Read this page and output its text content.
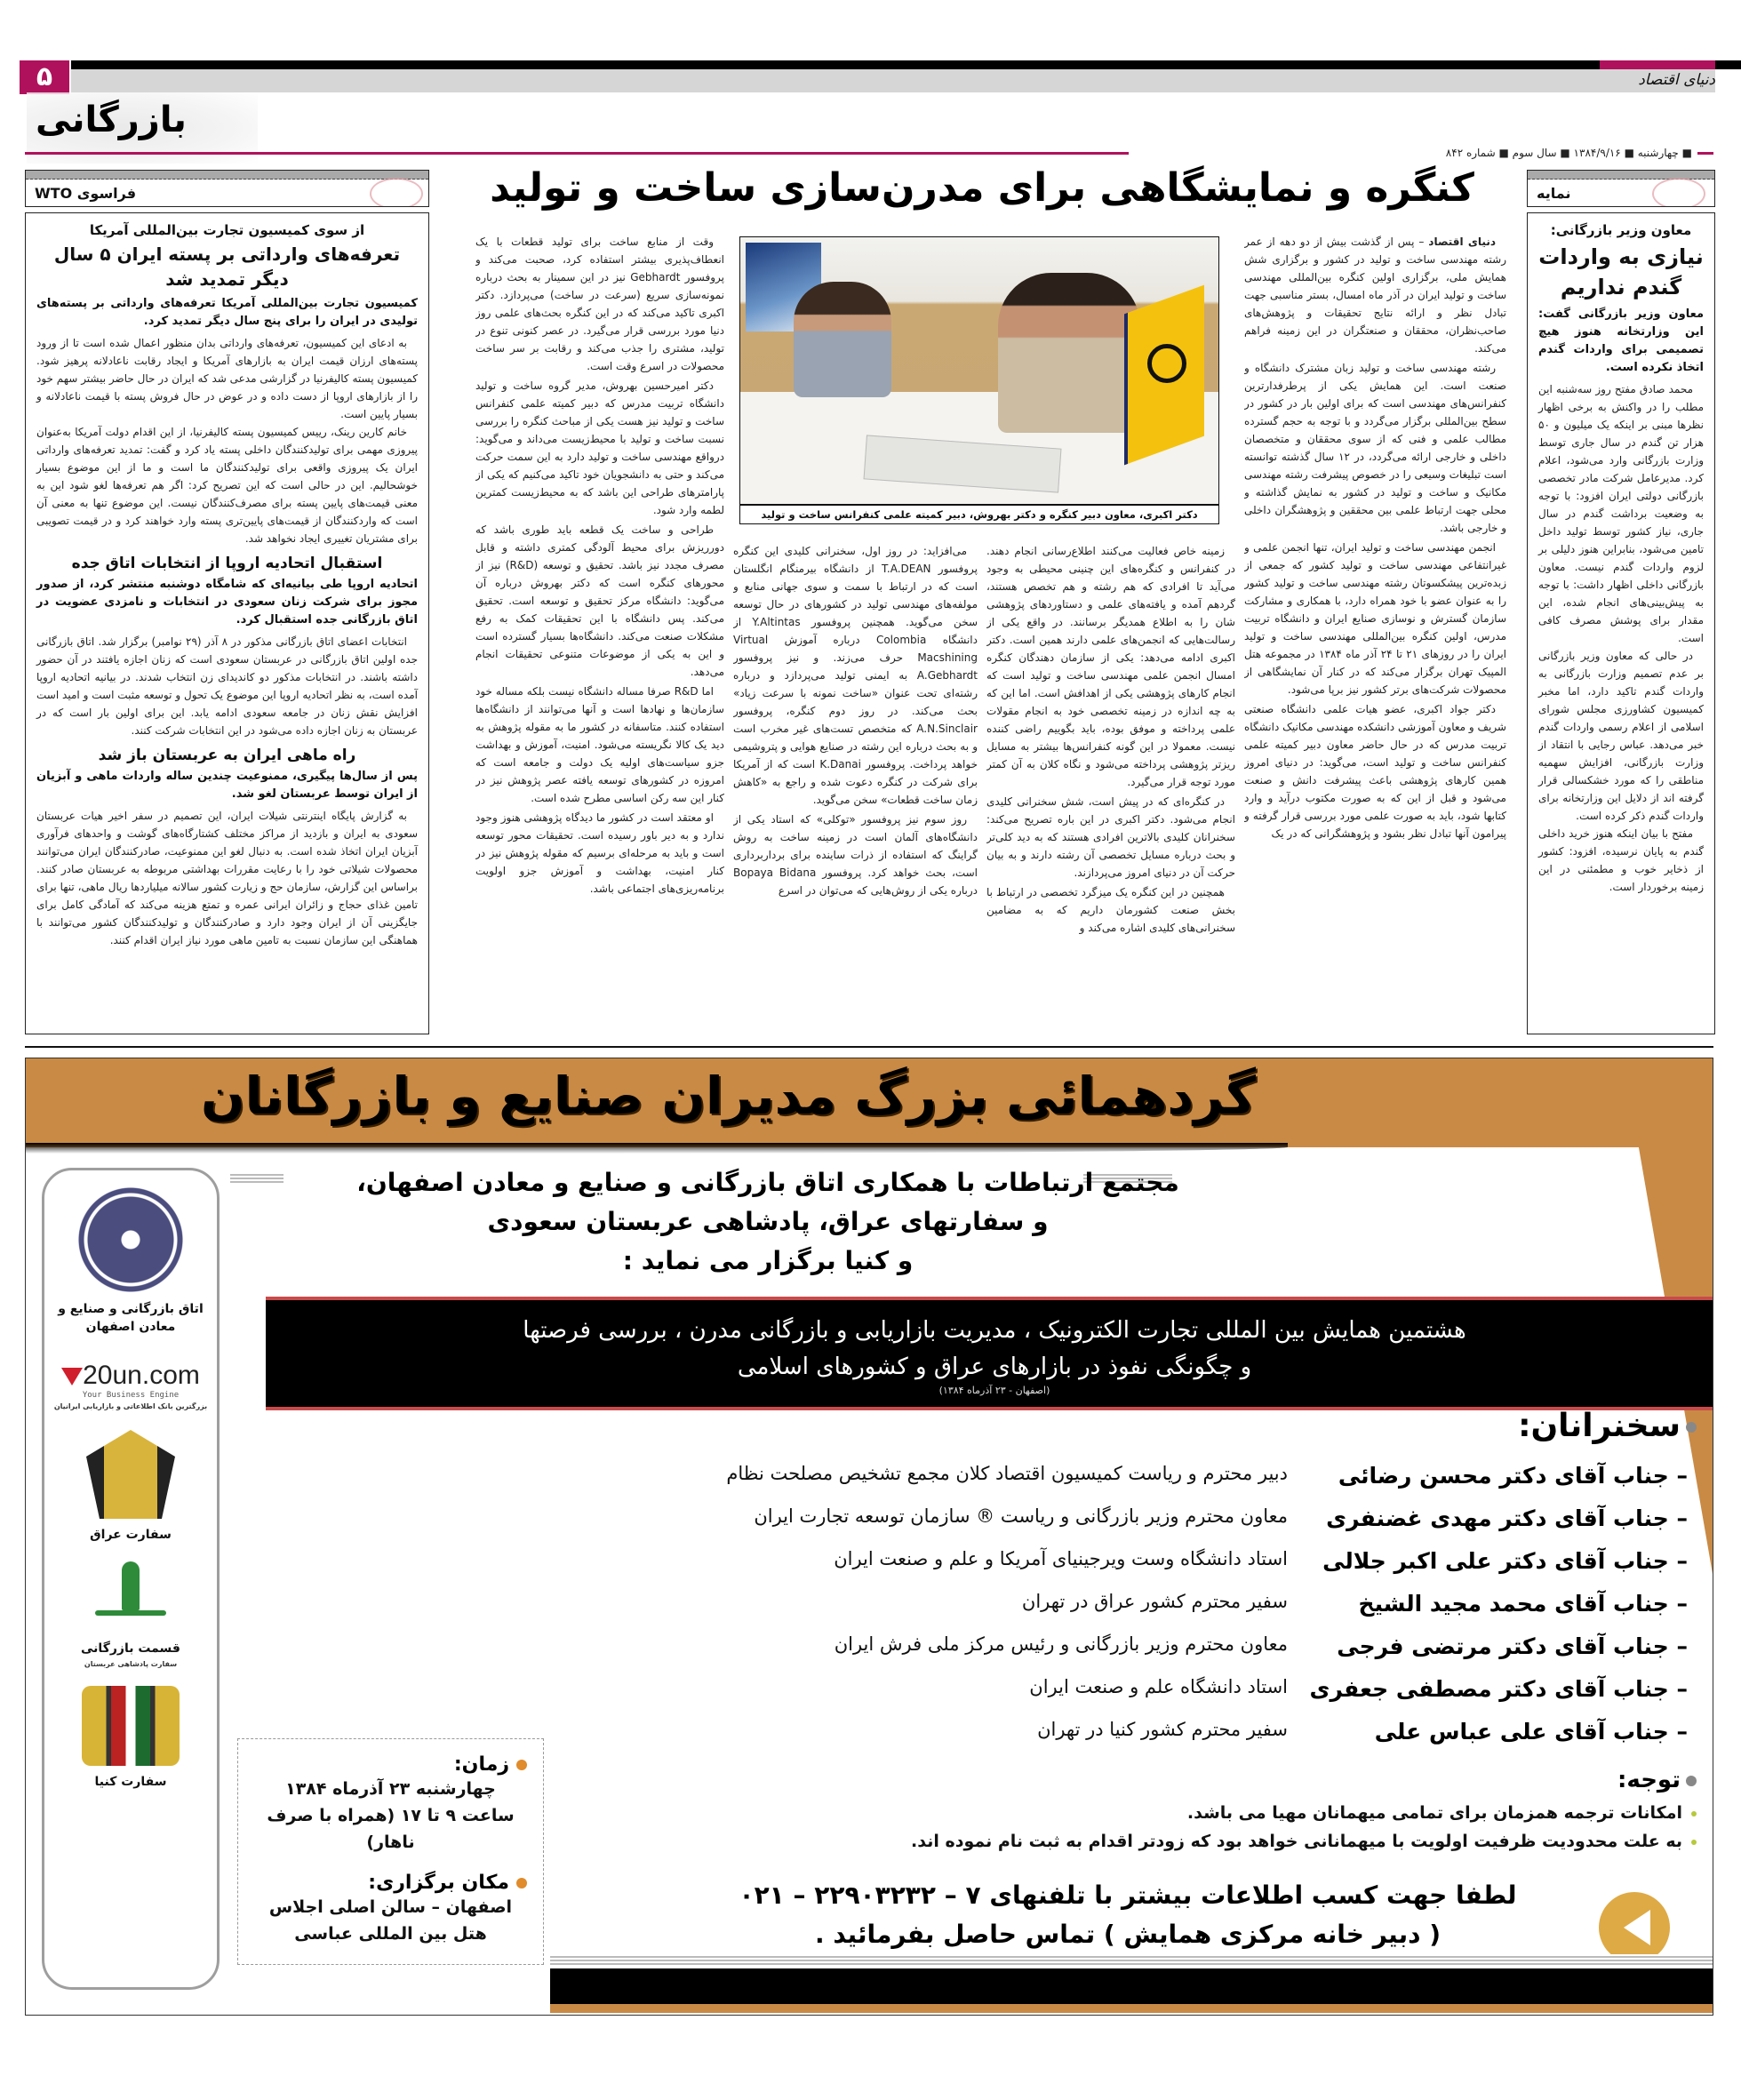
۵	دنیای اقتصاد
بازرگانی
■ چهارشنبه ■ ۱۳۸۴/۹/۱۶ ■ سال سوم ■ شماره ۸۴۲
فراسوی WTO
از سوی کمیسیون تجارت بین‌المللی آمریکا
تعرفه‌های وارداتی بر پسته ایران ۵ سال دیگر تمدید شد
کمیسیون تجارت بین‌المللی آمریکا تعرفه‌های وارداتی بر پسته‌های تولیدی در ایران را برای پنج سال دیگر تمدید کرد.

به ادعای این کمیسیون، تعرفه‌های وارداتی بدان منظور اعمال شده است تا از ورود پسته‌های ارزان قیمت ایران به بازارهای آمریکا و ایجاد رقابت ناعادلانه پرهیز شود. کمیسیون پسته کالیفرنیا در گزارشی مدعی شد که ایران در حال حاضر بیشتر سهم خود را از بازارهای اروپا از دست داده و در عوض در حال فروش پسته با قیمت ناعادلانه و بسیار پایین است.

خانم کارین رینک، رییس کمیسیون پسته کالیفرنیا، از این اقدام دولت آمریکا به‌عنوان پیروزی مهمی برای تولیدکنندگان داخلی پسته یاد کرد و گفت: تمدید تعرفه‌های وارداتی ایران یک پیروزی واقعی برای تولیدکنندگان ما است و ما از این موضوع بسیار خوشحالیم. این در حالی است که این تصریح کرد: اگر هم تعرفه‌ها لغو شود این به معنی قیمت‌های پایین پسته برای مصرف‌کنندگان نیست. این موضوع تنها به معنی آن است که واردکنندگان از قیمت‌های پایین‌تری پسته وارد خواهند کرد و در قیمت تصویبی برای مشتریان تغییری ایجاد نخواهد شد.

استقبال اتحادیه اروپا از انتخابات اتاق جده
اتحادیه اروپا طی بیانیه‌ای که شامگاه دوشنبه منتشر کرد، از صدور مجوز برای شرکت زنان سعودی در انتخابات و نامزدی عضویت در اتاق بازرگانی جده استقبال کرد.

انتخابات اعضای اتاق بازرگانی مذکور در ۸ آذر (۲۹ نوامبر) برگزار شد. اتاق بازرگانی جده اولین اتاق بازرگانی در عربستان سعودی است که زنان اجازه یافتند در آن حضور داشته باشند. در انتخابات مذکور دو کاندیدای زن انتخاب شدند. در بیانیه اتحادیه اروپا آمده است، به نظر اتحادیه اروپا این موضوع یک تحول و توسعه مثبت است و امید است افزایش نقش زنان در جامعه سعودی ادامه یابد. این برای اولین بار است که در عربستان به زنان اجازه داده می‌شود در این انتخابات شرکت کنند.

راه ماهی ایران به عربستان باز شد
پس از سال‌ها پیگیری، ممنوعیت چندین ساله واردات ماهی و آبزیان از ایران توسط عربستان لغو شد.

به گزارش پایگاه اینترنتی شیلات ایران، این تصمیم در سفر اخیر هیات عربستان سعودی به ایران و بازدید از مراکز مختلف کشتارگاه‌های گوشت و واحدهای فرآوری آبزیان ایران اتخاذ شده است. به دنبال لغو این ممنوعیت، صادرکنندگان ایران می‌توانند محصولات شیلاتی خود را با رعایت مقررات بهداشتی مربوطه به عربستان صادر کنند. براساس این گزارش، سازمان حج و زیارت کشور سالانه میلیاردها ریال ماهی، تنها برای تامین غذای حجاج و زائران ایرانی عمره و تمتع هزینه می‌کند که آمادگی کامل برای جایگزینی آن از ایران وجود دارد و صادرکنندگان و تولیدکنندگان کشور می‌توانند با هماهنگی این سازمان نسبت به تامین ماهی مورد نیاز ایران اقدام کنند.

نمایه
معاون وزیر بازرگانی:
نیازی به واردات گندم نداریم
معاون وزیر بازرگانی گفت: این وزارتخانه هنوز هیچ تصمیمی برای واردات گندم اتخاذ نکرده است.

محمد صادق مفتح روز سه‌شنبه این مطلب را در واکنش به برخی اظهار نظرها مبنی بر اینکه یک میلیون و ۵۰ هزار تن گندم در سال جاری توسط وزارت بازرگانی وارد می‌شود، اعلام کرد. مدیرعامل شرکت مادر تخصصی بازرگانی دولتی ایران افزود: با توجه به وضعیت برداشت گندم در سال جاری، نیاز کشور توسط تولید داخل تامین می‌شود، بنابراین هنوز دلیلی بر لزوم واردات گندم نیست. معاون بازرگانی داخلی اظهار داشت: با توجه به پیش‌بینی‌های انجام شده، این مقدار برای پوشش مصرف کافی است.

در حالی که معاون وزیر بازرگانی بر عدم تصمیم وزارت بازرگانی به واردات گندم تاکید دارد، اما مخبر کمیسیون کشاورزی مجلس شورای اسلامی از اعلام رسمی واردات گندم خبر می‌دهد. عباس رجایی با انتقاد از وزارت بازرگانی، افزایش سهمیه مناطقی را که مورد خشکسالی قرار گرفته اند از دلایل این وزارتخانه برای واردات گندم ذکر کرده است.

مفتح با بیان اینکه هنوز خرید داخلی گندم به پایان نرسیده، افزود: کشور از ذخایر خوب و مطمئنی در این زمینه برخوردار است.

کنگره و نمایشگاهی برای مدرن‌سازی ساخت و تولید

دنیای اقتصاد – پس از گذشت بیش از دو دهه از عمر رشته مهندسی ساخت و تولید در کشور و برگزاری شش همایش ملی، برگزاری اولین کنگره بین‌المللی مهندسی ساخت و تولید ایران در آذر ماه امسال، بستر مناسبی جهت تبادل نظر و ارائه نتایج تحقیقات و پژوهش‌های صاحب‌نظران، محققان و صنعتگران در این زمینه فراهم می‌کند.

رشته مهندسی ساخت و تولید زبان مشترک دانشگاه و صنعت است. این همایش یکی از پرطرفدارترین کنفرانس‌های مهندسی است که برای اولین بار در کشور در سطح بین‌المللی برگزار می‌گردد و با توجه به حجم گسترده مطالب علمی و فنی که از سوی محققان و متخصصان داخلی و خارجی ارائه می‌گردد، در ۱۲ سال گذشته توانسته است تبلیغات وسیعی را در خصوص پیشرفت رشته مهندسی مکانیک و ساخت و تولید در کشور به نمایش گذاشته و محلی جهت ارتباط علمی بین محققین و پژوهشگران داخلی و خارجی باشد.

انجمن مهندسی ساخت و تولید ایران، تنها انجمن علمی و غیرانتفاعی مهندسی ساخت و تولید کشور که جمعی از زبده‌ترین پیشکسوتان رشته مهندسی ساخت و تولید کشور را به عنوان عضو با خود همراه دارد، با همکاری و مشارکت سازمان گسترش و نوسازی صنایع ایران و دانشگاه تربیت مدرس، اولین کنگره بین‌المللی مهندسی ساخت و تولید ایران را در روزهای ۲۱ تا ۲۴ آذر ماه ۱۳۸۴ در مجموعه هتل المپیک تهران برگزار می‌کند که در کنار آن نمایشگاهی از محصولات شرکت‌های برتر کشور نیز برپا می‌شود.

دکتر جواد اکبری، عضو هیات علمی دانشگاه صنعتی شریف و معاون آموزشی دانشکده مهندسی مکانیک دانشگاه تربیت مدرس که در حال حاضر معاون دبیر کمیته علمی کنفرانس ساخت و تولید است، می‌گوید: در دنیای امروز همین کارهای پژوهشی باعث پیشرفت دانش و صنعت می‌شود و قبل از این که به صورت مکتوب درآید و وارد کتابها شود، باید به صورت علمی مورد بررسی قرار گرفته و پیرامون آنها تبادل نظر بشود و پژوهشگرانی که در یک

دکتر اکبری، معاون دبیر کنگره و دکتر بهروش، دبیر کمیته علمی کنفرانس ساخت و تولید

زمینه خاص فعالیت می‌کنند اطلاع‌رسانی انجام دهند. در کنفرانس و کنگره‌های این چنینی محیطی به وجود می‌آید تا افرادی که هم رشته و هم تخصص هستند، گردهم آمده و یافته‌های علمی و دستاوردهای پژوهشی شان را به اطلاع همدیگر برسانند. در واقع یکی از رسالت‌هایی که انجمن‌های علمی دارند همین است. دکتر اکبری ادامه می‌دهد: یکی از سازمان دهندگان کنگره امسال انجمن علمی مهندسی ساخت و تولید است که انجام کارهای پژوهشی یکی از اهدافش است. اما این که به چه اندازه در زمینه تخصصی خود به انجام مقولات علمی پرداخته و موفق بوده، باید بگوییم راضی کننده نیست. معمولا در این گونه کنفرانس‌ها بیشتر به مسایل ریزتر پژوهشی پرداخته می‌شود و نگاه کلان به آن کمتر مورد توجه قرار می‌گیرد.

در کنگره‌ای که در پیش است، شش سخنرانی کلیدی انجام می‌شود. دکتر اکبری در این باره تصریح می‌کند: سخنرانان کلیدی بالاترین افرادی هستند که به دید کلی‌تر و بحث درباره مسایل تخصصی آن رشته دارند و به بیان حرکت آن در دنیای امروز می‌پردازند.

همچنین در این کنگره یک میزگرد تخصصی در ارتباط با بخش صنعت کشورمان داریم که به مضامین سخنرانی‌های کلیدی اشاره می‌کند و

می‌افزاید: در روز اول، سخنرانی کلیدی این کنگره پروفسور T.A.DEAN از دانشگاه بیرمنگام انگلستان است که در ارتباط با سمت و سوی جهانی منابع و مولفه‌های مهندسی تولید در کشورهای در حال توسعه سخن می‌گوید. همچنین پروفسور Y.Altintas از دانشگاه Colombia درباره آموزش Virtual Macshining حرف می‌زند. و نیز پروفسور A.Gebhardt به ایمنی تولید می‌پردازد و درباره رشته‌ای تحت عنوان «ساخت نمونه با سرعت زیاد» بحث می‌کند. در روز دوم کنگره، پروفسور A.N.Sinclair که متخصص تست‌های غیر مخرب است و به بحث درباره این رشته در صنایع هوایی و پتروشیمی خواهد پرداخت. پروفسور K.Danai است که از آمریکا برای شرکت در کنگره دعوت شده و راجع به «کاهش زمان ساخت قطعات» سخن می‌گوید.

روز سوم نیز پروفسور «توکلی» که استاد یکی از دانشگاه‌های آلمان است در زمینه ساخت به روش گراینگ که استفاده از ذرات ساینده برای برداربرداری است، بحث خواهد کرد. پروفسور Bopaya Bidana درباره یکی از روش‌هایی که می‌توان در اسرع

وقت از منابع ساخت برای تولید قطعات با یک انعطاف‌پذیری بیشتر استفاده کرد، صحبت می‌کند و پروفسور Gebhardt نیز در این سمینار به بحث درباره نمونه‌سازی سریع (سرعت در ساخت) می‌پردازد. دکتر اکبری تاکید می‌کند که در این کنگره بحث‌های علمی روز دنیا مورد بررسی قرار می‌گیرد. در عصر کنونی تنوع در تولید، مشتری را جذب می‌کند و رقابت بر سر ساخت محصولات در اسرع وقت است.

دکتر امیرحسین بهروش، مدیر گروه ساخت و تولید دانشگاه تربیت مدرس که دبیر کمیته علمی کنفرانس ساخت و تولید نیز هست یکی از مباحث کنگره را بررسی نسبت ساخت و تولید با محیط‌زیست می‌داند و می‌گوید: درواقع مهندسی ساخت و تولید دارد به این سمت حرکت می‌کند و حتی به دانشجویان خود تاکید می‌کنیم که یکی از پارامترهای طراحی این باشد که به محیط‌زیست کمترین لطمه وارد شود.

طراحی و ساخت یک قطعه باید طوری باشد که دورریزش برای محیط آلودگی کمتری داشته و قابل مصرف مجدد نیز باشد. تحقیق و توسعه (R&D) نیز از محورهای کنگره است که دکتر بهروش درباره آن می‌گوید: دانشگاه مرکز تحقیق و توسعه است. تحقیق می‌کند. پس دانشگاه با این تحقیقات کمک به رفع مشکلات صنعت می‌کند. دانشگاه‌ها بسیار گسترده است و این به یکی از موضوعات متنوعی تحقیقات انجام می‌دهد.

اما R&D صرفا مساله دانشگاه نیست بلکه مساله خود سازمان‌ها و نهادها است و آنها می‌توانند از دانشگاه‌ها استفاده کنند. متاسفانه در کشور ما به مقوله پژوهش به دید یک کالا نگریسته می‌شود. امنیت، آموزش و بهداشت جزو سیاست‌های اولیه یک دولت و جامعه است که امروزه در کشورهای توسعه یافته عصر پژوهش نیز در کنار این سه رکن اساسی مطرح شده است.

او معتقد است در کشور ما دیدگاه پژوهشی هنوز وجود ندارد و به دیر باور رسیده است. تحقیقات محور توسعه است و باید به مرحله‌ای برسیم که مقوله پژوهش نیز در کنار امنیت، بهداشت و آموزش جزو اولویت برنامه‌ریزی‌های اجتماعی باشد.

گردهمائی بزرگ مدیران صنایع و بازرگانان
مجتمع ارتباطات با همکاری اتاق بازرگانی و صنایع و معادن اصفهان،
و سفارتهای عراق، پادشاهی عربستان سعودی
و کنیا برگزار می نماید :
هشتمین همایش بین المللی تجارت الکترونیک ، مدیریت بازاریابی و بازرگانی مدرن ، بررسی فرصتها
و چگونگی نفوذ در بازارهای عراق و کشورهای اسلامی
(اصفهان - ۲۳ آذرماه ۱۳۸۴)
اتاق بازرگانی و صنایع و معادن اصفهان
20un.com
Your Business Engine
بزرگترین بانک اطلاعاتی و بازاریابی ایرانیان
سفارت عراق
قسمت بازرگانی
سفارت پادشاهی عربستان
سفارت کنیا
سخنرانان:
– جناب آقای دکتر محسن رضائی
دبیر محترم و ریاست کمیسیون اقتصاد کلان مجمع تشخیص مصلحت نظام
– جناب آقای دکتر مهدی غضنفری
معاون محترم وزیر بازرگانی و ریاست ® سازمان توسعه تجارت ایران
– جناب آقای دکتر علی اکبر جلالی
استاد دانشگاه وست ویرجینیای آمریکا و علم و صنعت ایران
– جناب آقای محمد مجید الشیخ
سفیر محترم کشور عراق در تهران
– جناب آقای دکتر مرتضی فرجی
معاون محترم وزیر بازرگانی و رئیس مرکز ملی فرش ایران
– جناب آقای دکتر مصطفی جعفری
استاد دانشگاه علم و صنعت ایران
– جناب آقای علی عباس علی
سفیر محترم کشور کنیا در تهران
زمان:
چهارشنبه ۲۳ آذرماه ۱۳۸۴
ساعت ۹ تا ۱۷ (همراه با صرف ناهار)
مکان برگزاری:
اصفهان – سالن اصلی اجلاس
هتل بین المللی عباسی
توجه:
امکانات ترجمه همزمان برای تمامی میهمانان مهیا می باشد.
به علت محدودیت ظرفیت اولویت با میهمانانی خواهد بود که زودتر اقدام به ثبت نام نموده اند.
لطفا جهت کسب اطلاعات بیشتر با تلفنهای ۷ – ۲۲۹۰۳۲۳۲ – ۰۲۱
( دبیر خانه مرکزی همایش ) تماس حاصل بفرمائید .
